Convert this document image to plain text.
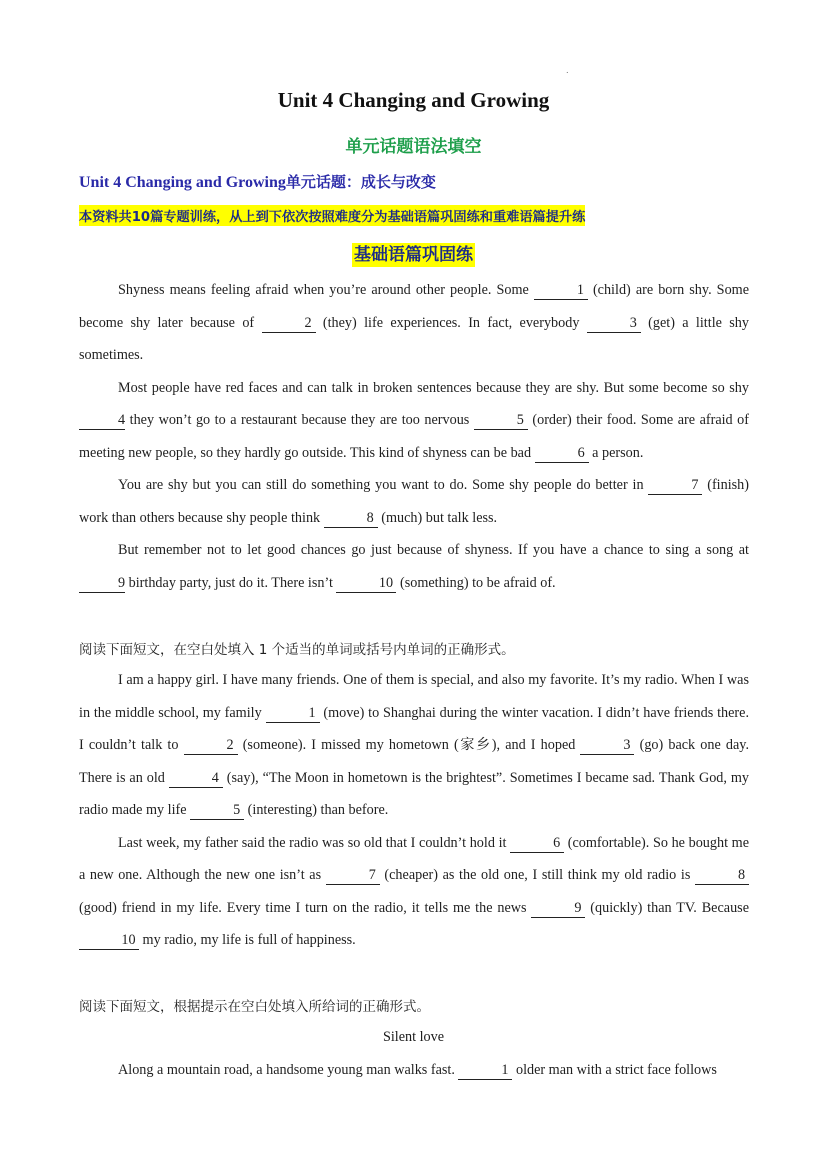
.
Unit 4 Changing and Growing
单元话题语法填空
Unit 4 Changing and Growing单元话题：成长与改变
本资料共10篇专题训练，从上到下依次按照难度分为基础语篇巩固练和重难语篇提升练
基础语篇巩固练

Shyness means feeling afraid when you’re around other people. Some	1 (child) are born shy. Some become shy later because of	2 (they) life experiences. In fact, everybody	3 (get) a little shy sometimes.

Most people have red faces and can talk in broken sentences because they are shy. But some become so shy 4 they won’t go to a restaurant because they are too nervous	5 (order) their food. Some are afraid of meeting new people, so they hardly go outside. This kind of shyness can be bad	6 a person.

You are shy but you can still do something you want to do. Some shy people do better in	7 (finish) work than others because shy people think	8 (much) but talk less.

But remember not to let good chances go just because of shyness. If you have a chance to sing a song at 9 birthday party, just do it. There isn’t	10 (something) to be afraid of.

阅读下面短文，在空白处填入 1 个适当的单词或括号内单词的正确形式。

I am a happy girl. I have many friends. One of them is special, and also my favorite. It’s my radio. When I was in the middle school, my family	1 (move) to Shanghai during the winter vacation. I didn’t have friends there. I couldn’t talk to	2 (someone). I missed my hometown (家乡), and I hoped	3 (go) back one day. There is an old	4 (say), “The Moon in hometown is the brightest”. Sometimes I became sad. Thank God, my radio made my life	5 (interesting) than before.

Last week, my father said the radio was so old that I couldn’t hold it	6 (comfortable). So he bought me a new one. Although the new one isn’t as	7 (cheaper) as the old one, I still think my old radio is	8 (good) friend in my life. Every time I turn on the radio, it tells me the news	9 (quickly) than TV. Because 10 my radio, my life is full of happiness.

阅读下面短文，根据提示在空白处填入所给词的正确形式。
Silent love

Along a mountain road, a handsome young man walks fast.	1 older man with a strict face follows
